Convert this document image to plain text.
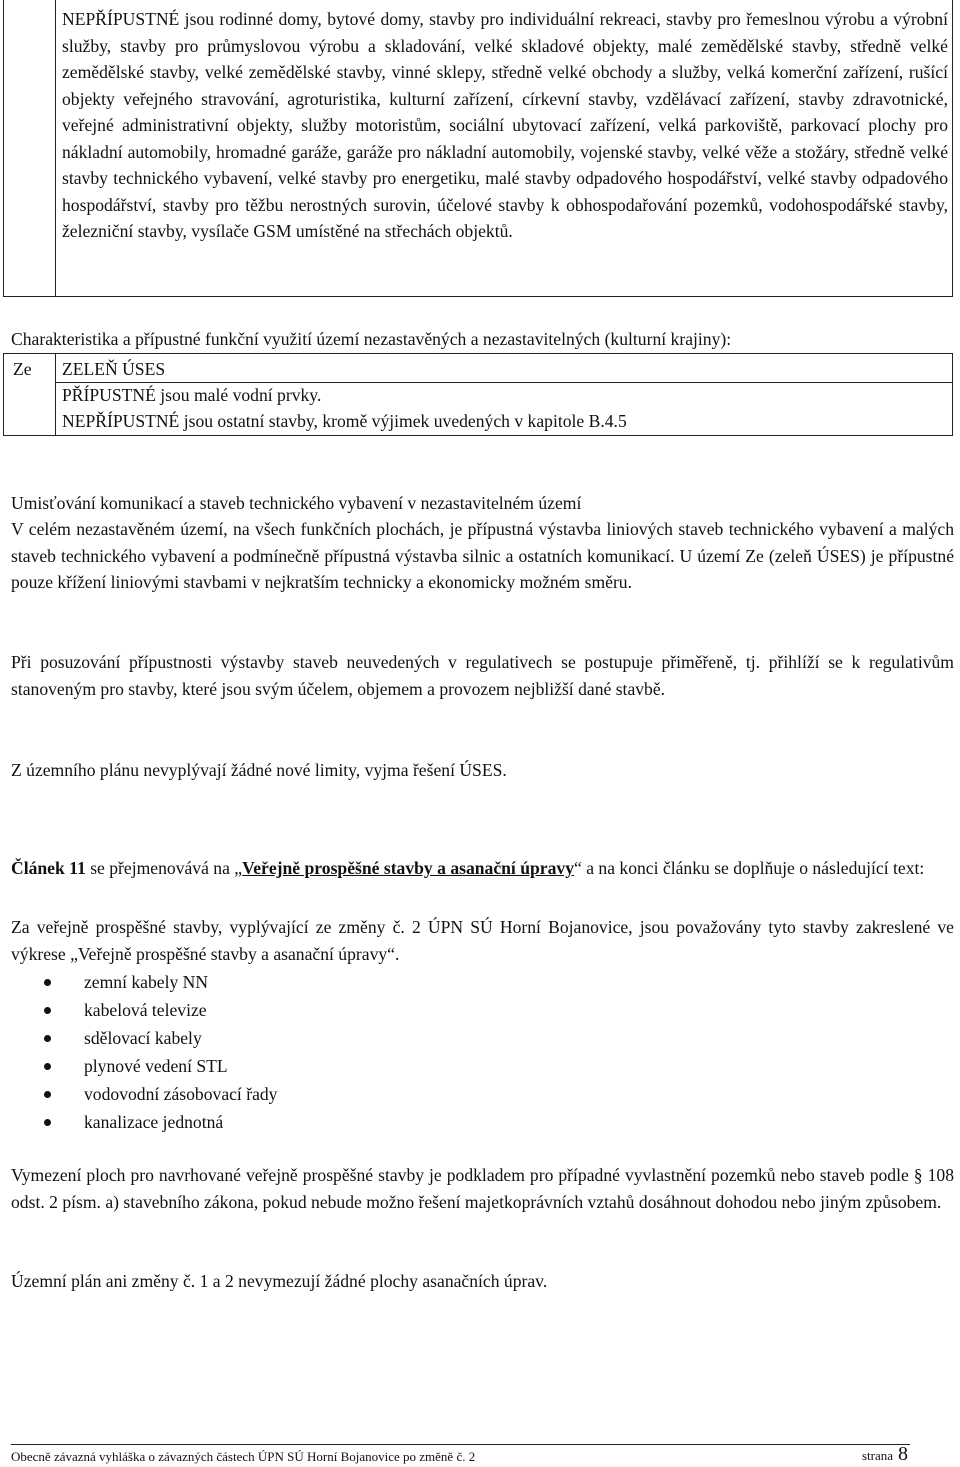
NEPŘÍPUSTNÉ jsou rodinné domy, bytové domy, stavby pro individuální rekreaci, stavby pro řemeslnou výrobu a výrobní služby, stavby pro průmyslovou výrobu a skladování, velké skladové objekty, malé zemědělské stavby, středně velké zemědělské stavby, velké zemědělské stavby, vinné sklepy, středně velké obchody a služby, velká komerční zařízení, rušící objekty veřejného stravování, agroturistika, kulturní zařízení, církevní stavby, vzdělávací zařízení, stavby zdravotnické, veřejné administrativní objekty, služby motoristům, sociální ubytovací zařízení, velká parkoviště, parkovací plochy pro nákladní automobily, hromadné garáže, garáže pro nákladní automobily, vojenské stavby, velké věže a stožáry, středně velké stavby technického vybavení, velké stavby pro energetiku, malé stavby odpadového hospodářství, velké stavby odpadového hospodářství, stavby pro těžbu nerostných surovin, účelové stavby k obhospodařování pozemků, vodohospodářské stavby, železniční stavby, vysílače GSM umístěné na střechách objektů.
Charakteristika a přípustné funkční využití území nezastavěných a nezastavitelných (kulturní krajiny):
Ze ZELEŇ ÚSES
PŘÍPUSTNÉ jsou malé vodní prvky.
NEPŘÍPUSTNÉ jsou ostatní stavby, kromě výjimek uvedených v kapitole B.4.5
Umisťování komunikací a staveb technického vybavení v nezastavitelném území
V celém nezastavěném území, na všech funkčních plochách, je přípustná výstavba liniových staveb technického vybavení a malých staveb technického vybavení a podmínečně přípustná výstavba silnic a ostatních komunikací. U území Ze (zeleň ÚSES) je přípustné pouze křížení liniovými stavbami v nejkratším technicky a ekonomicky možném směru.
Při posuzování přípustnosti výstavby staveb neuvedených v regulativech se postupuje přiměřeně, tj. přihlíží se k regulativům stanoveným pro stavby, které jsou svým účelem, objemem a provozem nejbližší dané stavbě.
Z územního plánu nevyplývají žádné nové limity, vyjma řešení ÚSES.
Článek 11 se přejmenovává na „Veřejně prospěšné stavby a asanační úpravy“ a na konci článku se doplňuje o následující text:
Za veřejně prospěšné stavby, vyplývající ze změny č. 2 ÚPN SÚ Horní Bojanovice, jsou považovány tyto stavby zakreslené ve výkrese „Veřejně prospěšné stavby a asanační úpravy“.
zemní kabely NN
kabelová televize
sdělovací kabely
plynové vedení STL
vodovodní zásobovací řady
kanalizace jednotná
Vymezení ploch pro navrhované veřejně prospěšné stavby je podkladem pro případné vyvlastnění pozemků nebo staveb podle § 108 odst. 2 písm. a) stavebního zákona, pokud nebude možno řešení majetkoprávních vztahů dosáhnout dohodou nebo jiným způsobem.
Územní plán ani změny č. 1 a 2 nevymezují žádné plochy asanačních úprav.
Obecně závazná vyhláška o závazných částech ÚPN SÚ Horní Bojanovice po změně č. 2	strana 8
